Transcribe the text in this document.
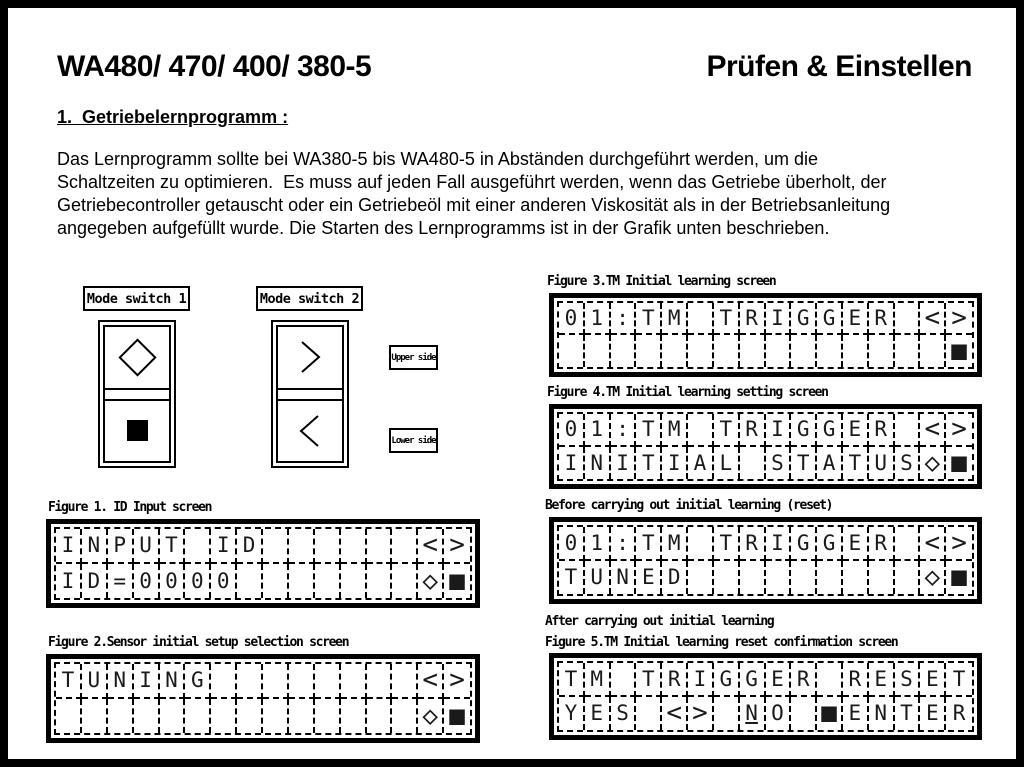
WA480/ 470/ 400/ 380-5	Prüfen & Einstellen
1.  Getriebelernprogramm :
Das Lernprogramm sollte bei WA380-5 bis WA480-5 in Abständen durchgeführt werden, um die Schaltzeiten zu optimieren.  Es muss auf jeden Fall ausgeführt werden, wenn das Getriebe überholt, der Getriebecontroller getauscht oder ein Getriebeöl mit einer anderen Viskosität als in der Betriebsanleitung angegeben aufgefüllt wurde. Die Starten des Lernprogramms ist in der Grafik unten beschrieben.
Mode switch 1	Mode switch 2
Upper side
Lower side
Figure 1. ID Input screen
I N P U T	I D	< >
I D = 0 0 0 0	◇ ■
Figure 2.Sensor initial setup selection screen
T U N I N G	< >
◇ ■
Figure 3.TM Initial learning screen
0 1 : T M	T R I G G E R < >
■
Figure 4.TM Initial learning setting screen
0 1 : T M	T R I G G E R < >
I N I T I A L	S T A T U S ◇ ■
Before carrying out initial learning (reset)
0 1 : T M	T R I G G E R < >
T U N E D	◇ ■
After carrying out initial learning
Figure 5.TM Initial learning reset confirmation screen
T M	T R I G G E R	R E S E T
Y E S < > N O ■ E N T E R
